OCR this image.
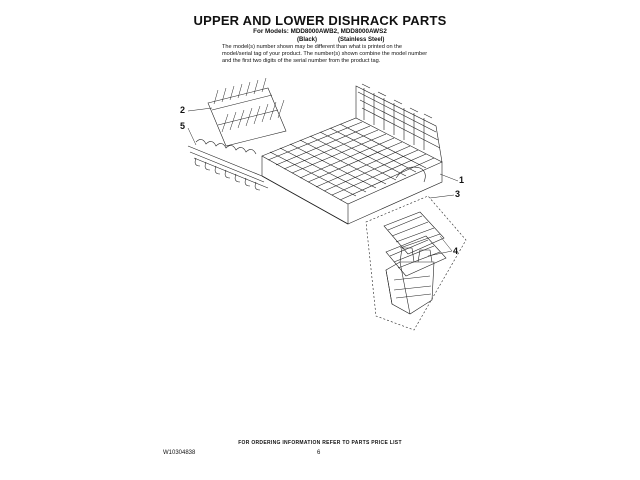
UPPER AND LOWER DISHRACK PARTS
For Models: MDD8000AWB2, MDD8000AWS2
(Black)	(Stainless Steel)
The model(s) number shown may be different than what is printed on the model/serial tag of your product. The number(s) shown combine the model number and the first two digits of the serial number from the product tag.
2
5
1
3
4
FOR ORDERING INFORMATION REFER TO PARTS PRICE LIST
W10304838	6
